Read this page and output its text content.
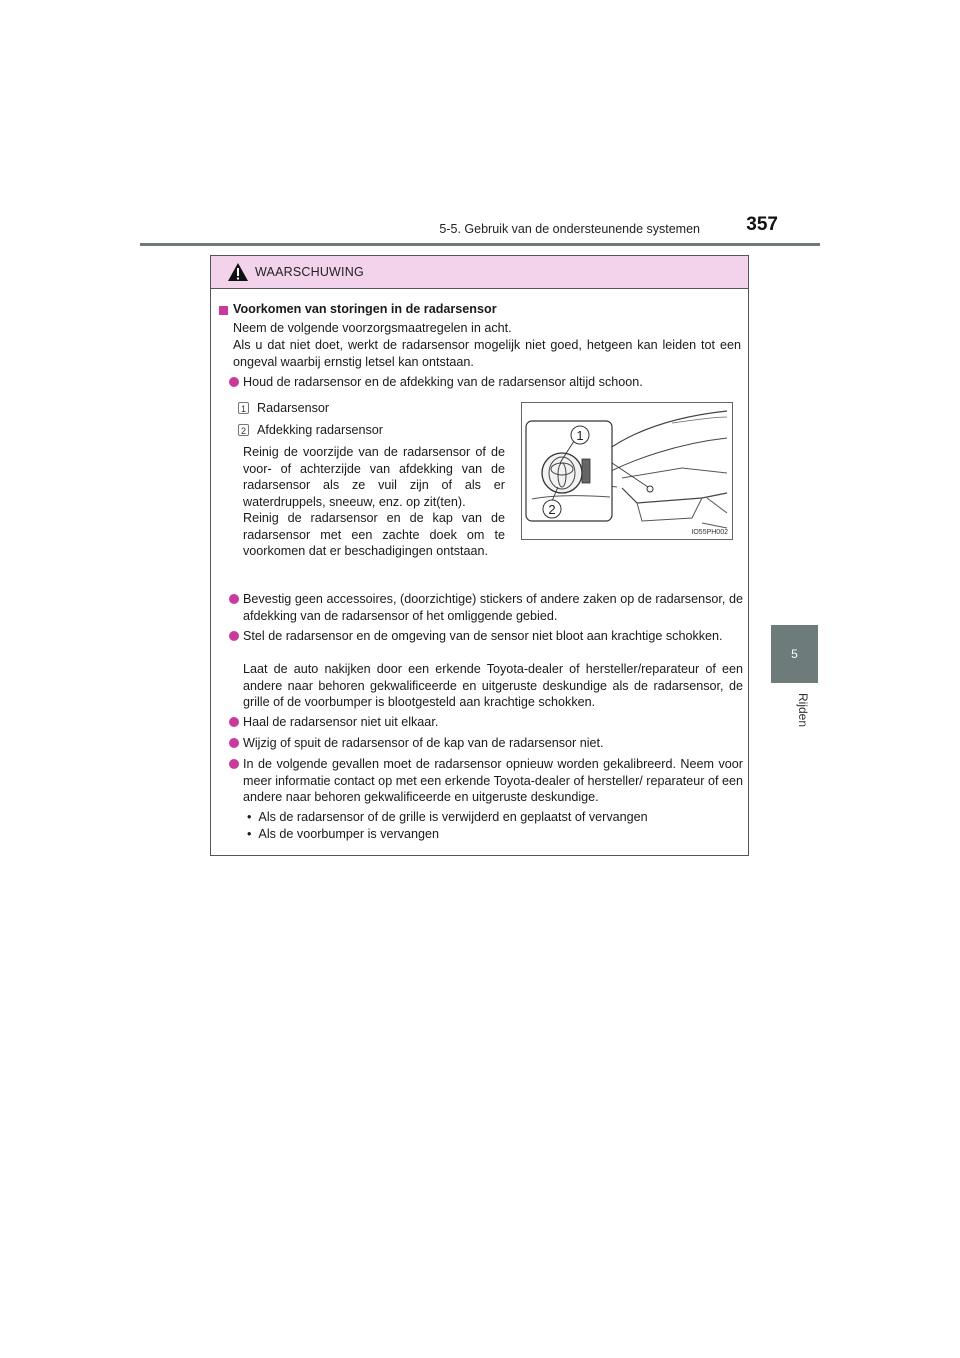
5-5. Gebruik van de ondersteunende systemen	357
5
Rijden
WAARSCHUWING
Voorkomen van storingen in de radarsensor
Neem de volgende voorzorgsmaatregelen in acht.
Als u dat niet doet, werkt de radarsensor mogelijk niet goed, hetgeen kan leiden tot een ongeval waarbij ernstig letsel kan ontstaan.
Houd de radarsensor en de afdekking van de radarsensor altijd schoon.
1 Radarsensor
2 Afdekking radarsensor
Reinig de voorzijde van de radarsensor of de voor- of achterzijde van afdekking van de radarsensor als ze vuil zijn of als er waterdruppels, sneeuw, enz. op zit(ten).
Reinig de radarsensor en de kap van de radarsensor met een zachte doek om te voorkomen dat er beschadigingen ontstaan.
Bevestig geen accessoires, (doorzichtige) stickers of andere zaken op de radarsensor, de afdekking van de radarsensor of het omliggende gebied.
Stel de radarsensor en de omgeving van de sensor niet bloot aan krachtige schokken.
Laat de auto nakijken door een erkende Toyota-dealer of hersteller/reparateur of een andere naar behoren gekwalificeerde en uitgeruste deskundige als de radarsensor, de grille of de voorbumper is blootgesteld aan krachtige schokken.
Haal de radarsensor niet uit elkaar.
Wijzig of spuit de radarsensor of de kap van de radarsensor niet.
In de volgende gevallen moet de radarsensor opnieuw worden gekalibreerd. Neem voor meer informatie contact op met een erkende Toyota-dealer of hersteller/ reparateur of een andere naar behoren gekwalificeerde en uitgeruste deskundige.
•  Als de radarsensor of de grille is verwijderd en geplaatst of vervangen
•  Als de voorbumper is vervangen
1
2
IO55PH002
